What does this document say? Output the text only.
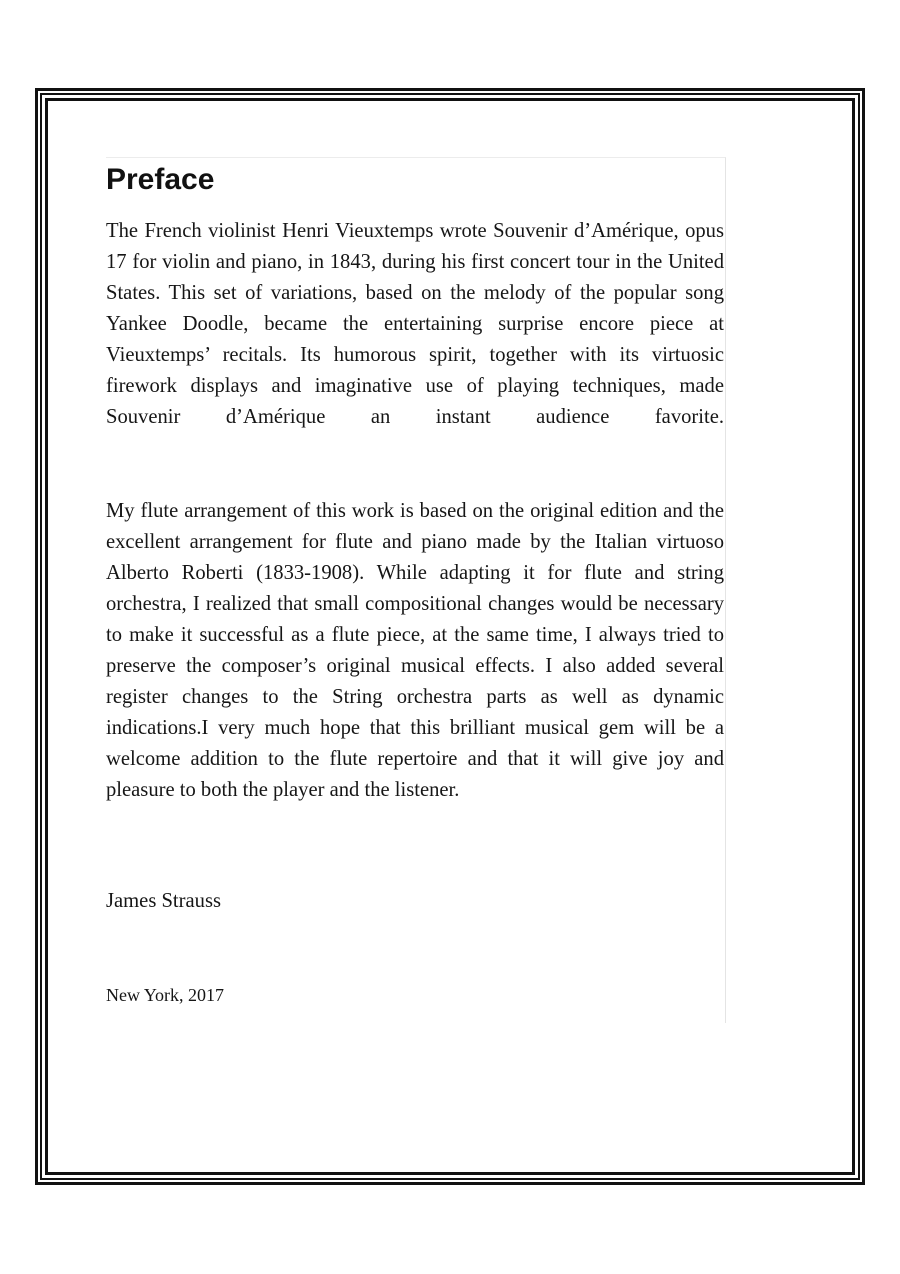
Preface

The French violinist Henri Vieuxtemps wrote Souvenir d’Amérique, opus 17 for violin and piano, in 1843, during his first concert tour in the United States. This set of variations, based on the melody of the popular song Yankee Doodle, became the entertaining surprise encore piece at Vieuxtemps’ recitals. Its humorous spirit, together with its virtuosic firework displays and imaginative use of playing techniques, made Souvenir d’Amérique an instant audience favorite.

My flute arrangement of this work is based on the original edition and the excellent arrangement for flute and piano made by the Italian virtuoso Alberto Roberti (1833-1908). While adapting it for flute and string orchestra, I realized that small compositional changes would be necessary to make it successful as a flute piece, at the same time, I always tried to preserve the composer’s original musical effects. I also added several register changes to the String orchestra parts as well as dynamic indications.I very much hope that this brilliant musical gem will be a welcome addition to the flute repertoire and that it will give joy and pleasure to both the player and the listener.

James Strauss

New York, 2017
